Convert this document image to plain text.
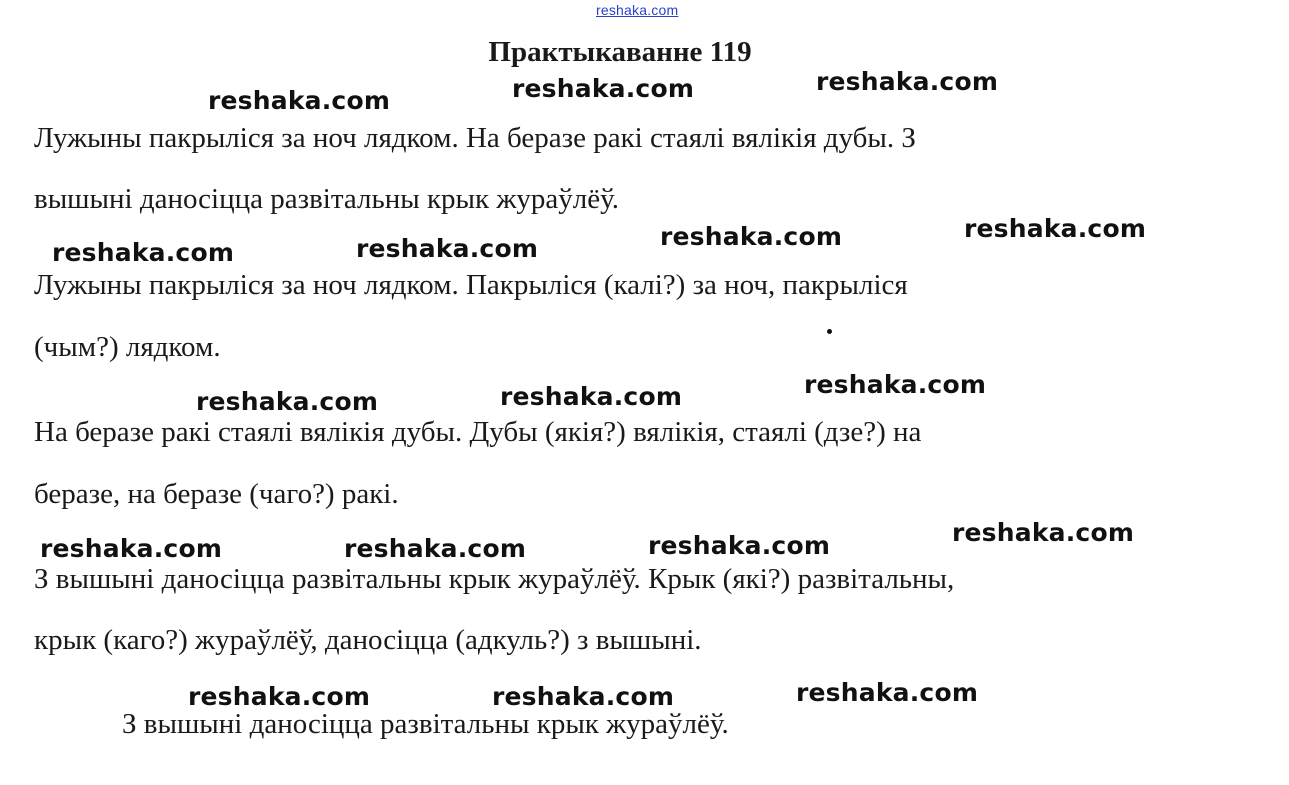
reshaka.com
Практыкаванне 119
reshaka.com	reshaka.com	reshaka.com
reshaka.com	reshaka.com	reshaka.com	reshaka.com
reshaka.com	reshaka.com	reshaka.com
reshaka.com	reshaka.com	reshaka.com	reshaka.com
reshaka.com	reshaka.com	reshaka.com
Лужыны пакрыліся за ноч лядком. На беразе ракі стаялі вялікія дубы. З
вышыні даносіцца развітальны крык жураўлёў.
Лужыны пакрыліся за ноч лядком. Пакрыліся (калі?) за ноч, пакрыліся
(чым?) лядком.
На беразе ракі стаялі вялікія дубы. Дубы (якія?) вялікія, стаялі (дзе?) на
беразе, на беразе (чаго?) ракі.
З вышыні даносіцца развітальны крык жураўлёў. Крык (які?) развітальны,
крык (каго?) жураўлёў, даносіцца (адкуль?) з вышыні.
З вышыні даносіцца развітальны крык жураўлёў.
